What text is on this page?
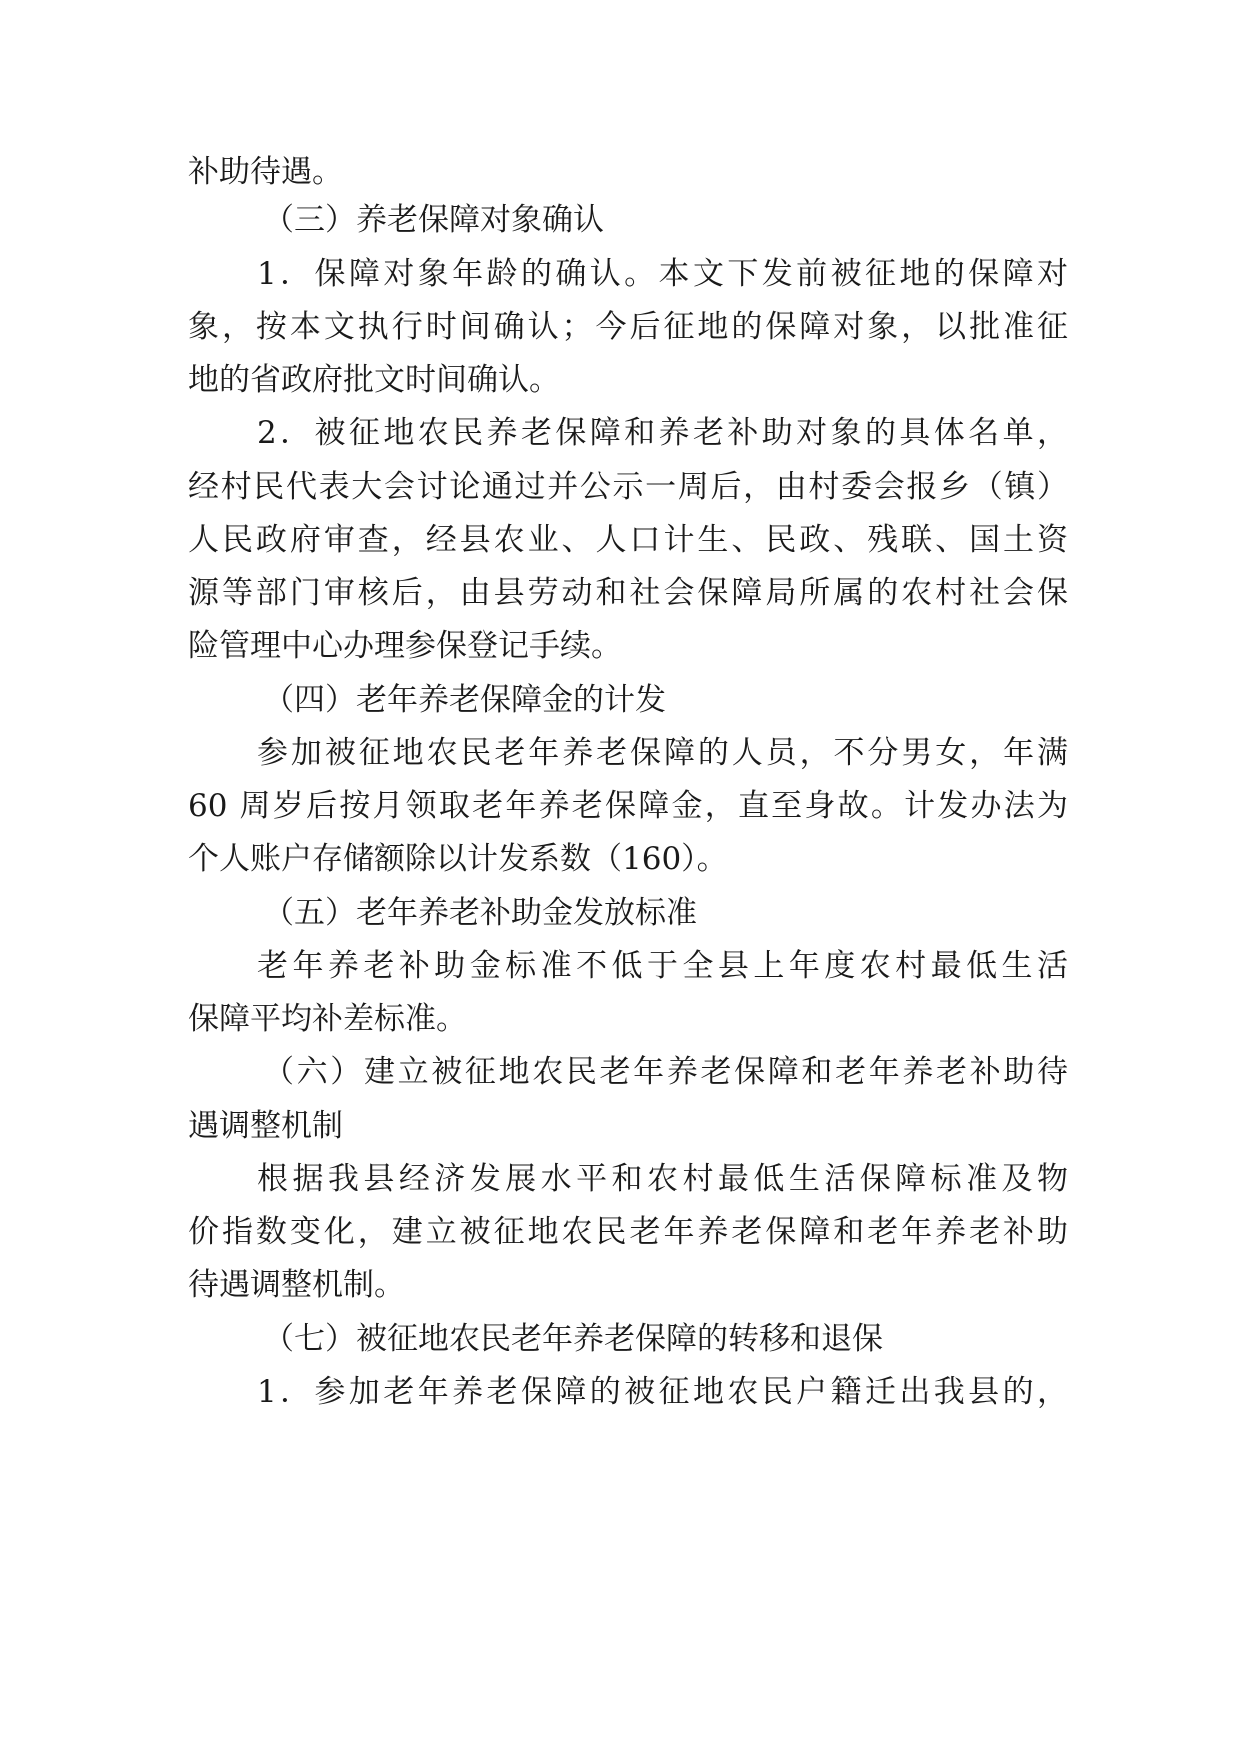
补助待遇。
（三）养老保障对象确认
1．保障对象年龄的确认。本文下发前被征地的保障对
象，按本文执行时间确认；今后征地的保障对象，以批准征
地的省政府批文时间确认。
2．被征地农民养老保障和养老补助对象的具体名单，
经村民代表大会讨论通过并公示一周后，由村委会报乡（镇）
人民政府审查，经县农业、人口计生、民政、残联、国土资
源等部门审核后，由县劳动和社会保障局所属的农村社会保
险管理中心办理参保登记手续。
（四）老年养老保障金的计发
参加被征地农民老年养老保障的人员，不分男女，年满
60 周岁后按月领取老年养老保障金，直至身故。计发办法为
个人账户存储额除以计发系数（160）。
（五）老年养老补助金发放标准
老年养老补助金标准不低于全县上年度农村最低生活
保障平均补差标准。
（六）建立被征地农民老年养老保障和老年养老补助待
遇调整机制
根据我县经济发展水平和农村最低生活保障标准及物
价指数变化，建立被征地农民老年养老保障和老年养老补助
待遇调整机制。
（七）被征地农民老年养老保障的转移和退保
1．参加老年养老保障的被征地农民户籍迁出我县的，
